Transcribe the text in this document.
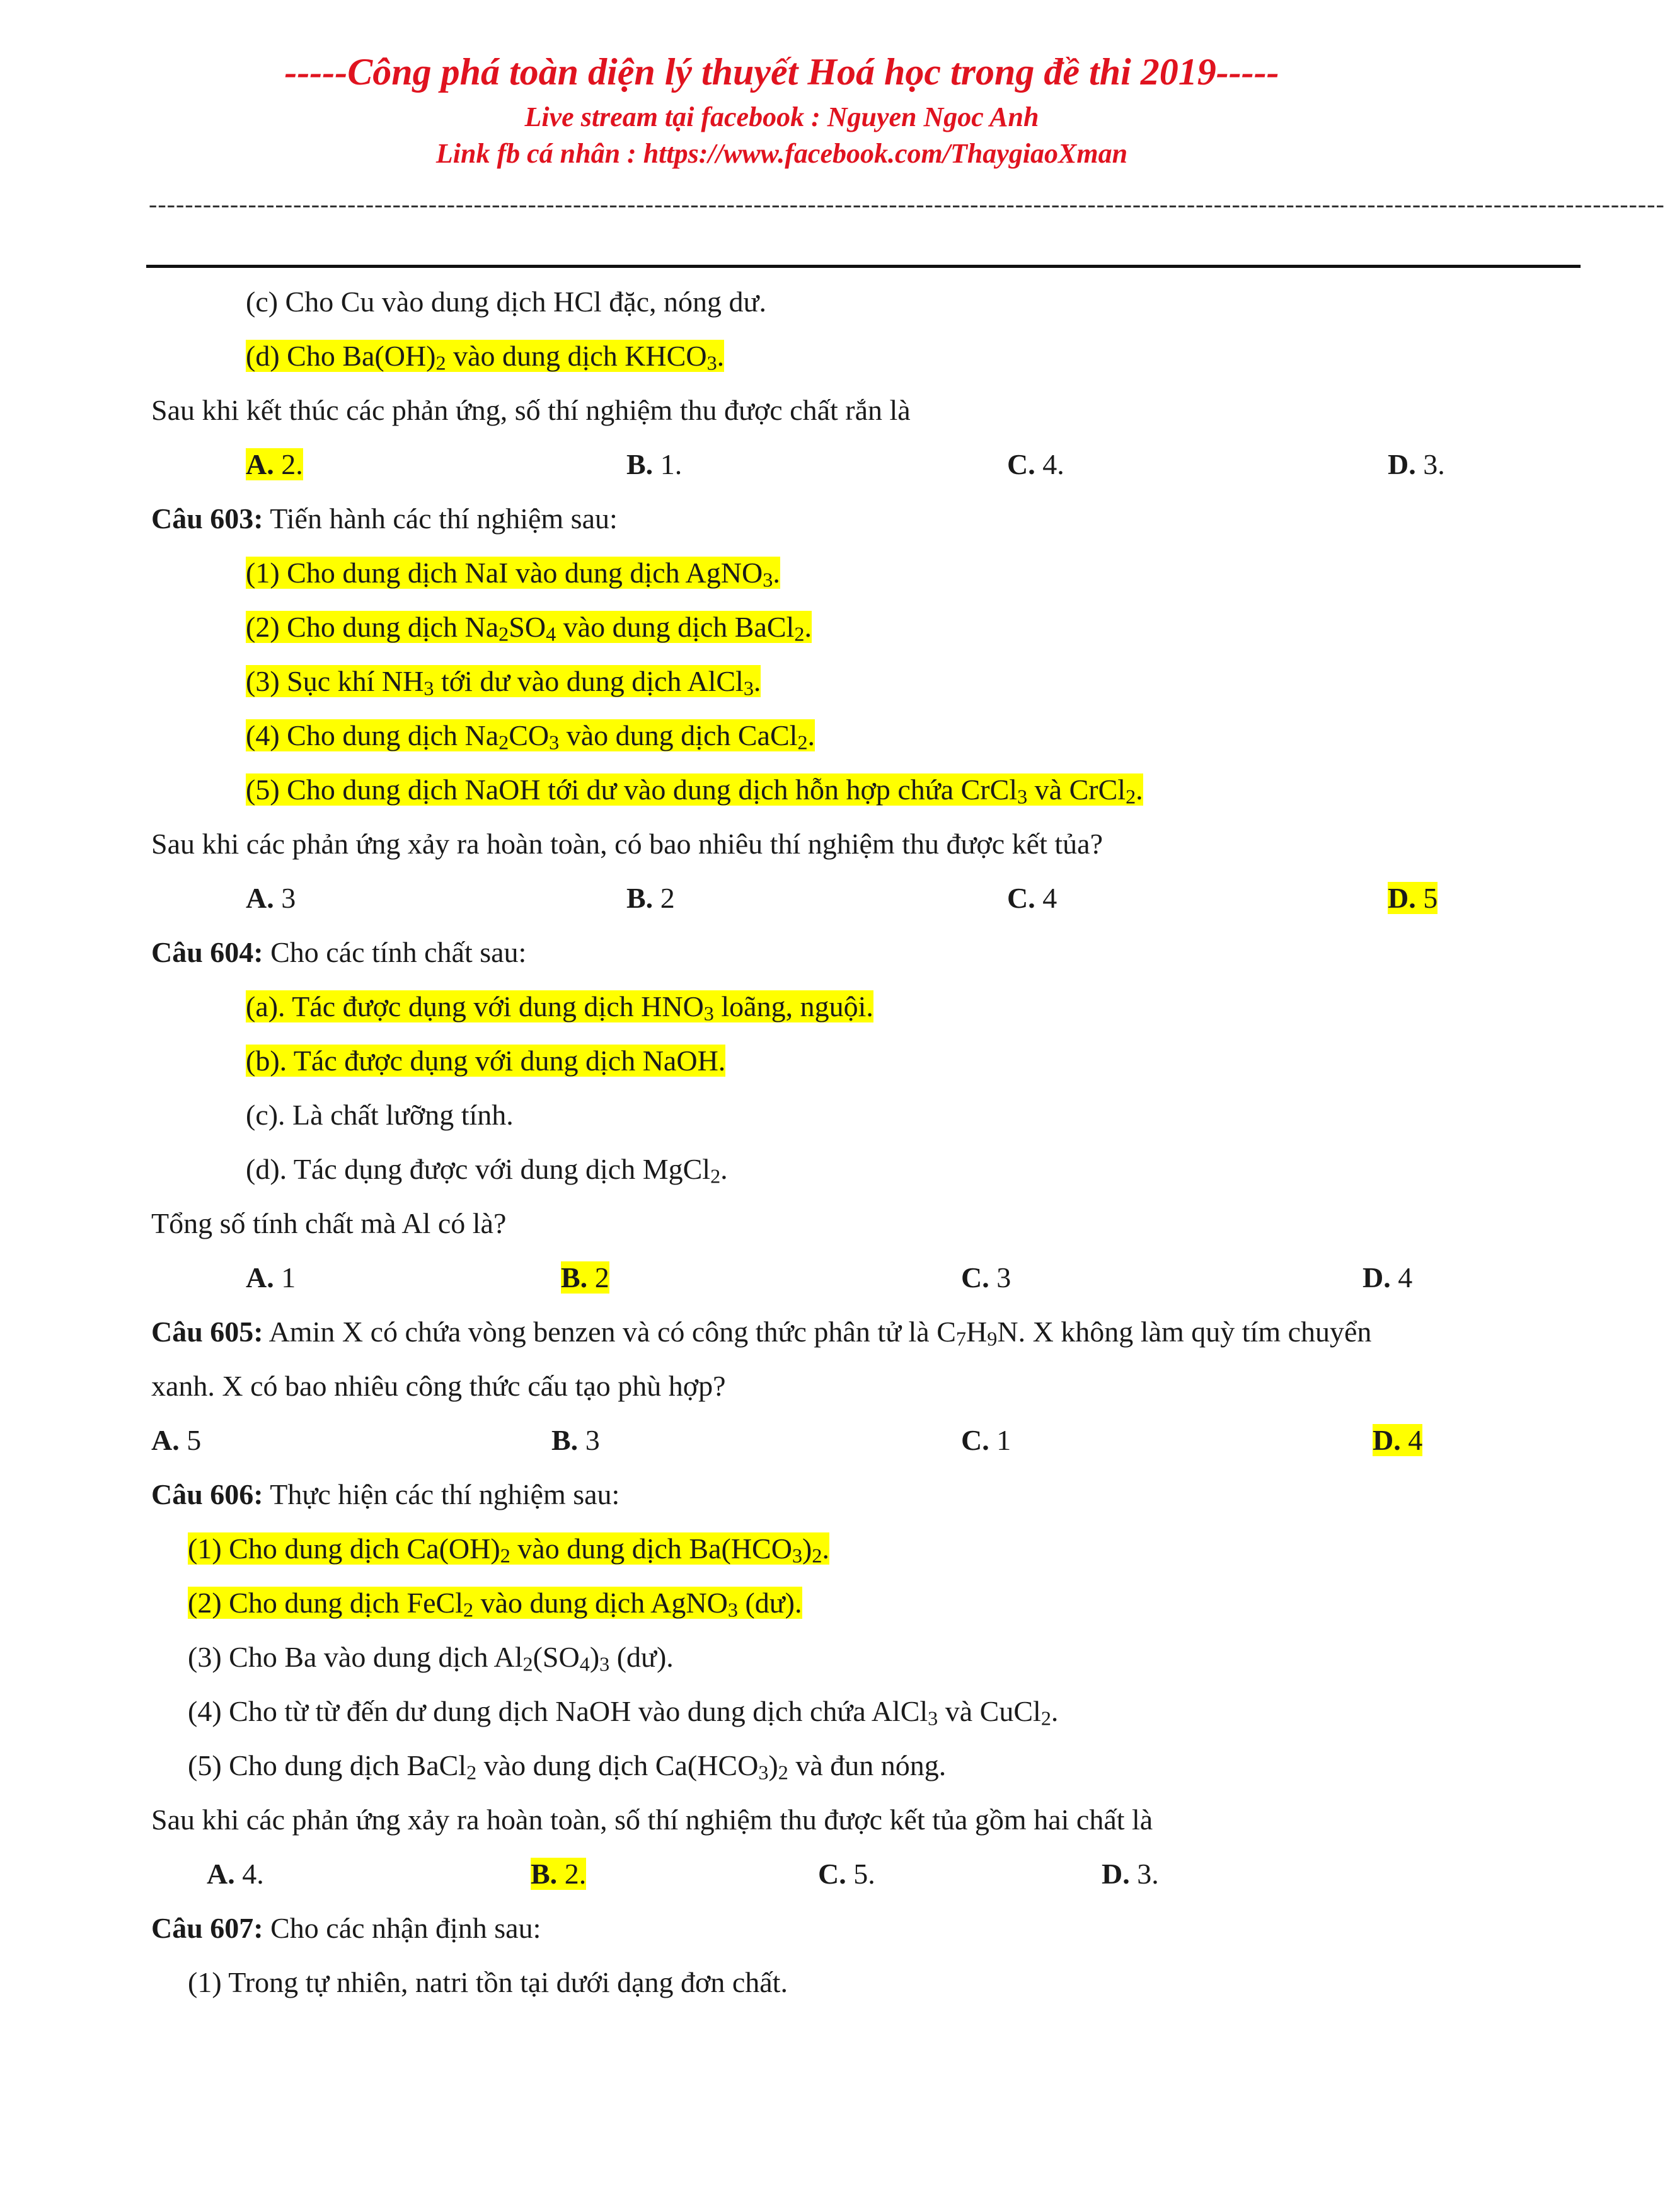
-----Công phá toàn diện lý thuyết Hoá học trong đề thi 2019-----
Live stream tại facebook : Nguyen Ngoc Anh
Link fb cá nhân : https://www.facebook.com/ThaygiaoXman
------------------------------------------------------------------------------------------------------------------------------------------------------------------------
(c) Cho Cu vào dung dịch HCl đặc, nóng dư.
(d) Cho $Ba(OH)_2$ vào dung dịch $KHCO_3$.
Sau khi kết thúc các phản ứng, số thí nghiệm thu được chất rắn là
A. 2.	B. 1.	C. 4.	D. 3.
Câu 603: Tiến hành các thí nghiệm sau:
(1) Cho dung dịch NaI vào dung dịch AgNO$_3$.
(2) Cho dung dịch $Na_2SO_4$ vào dung dịch BaCl$_2$.
(3) Sục khí $NH_3$ tới dư vào dung dịch AlCl$_3$.
(4) Cho dung dịch $Na_2CO_3$ vào dung dịch CaCl$_2$.
(5) Cho dung dịch NaOH tới dư vào dung dịch hỗn hợp chứa CrCl$_3$ và CrCl$_2$.
Sau khi các phản ứng xảy ra hoàn toàn, có bao nhiêu thí nghiệm thu được kết tủa?
A. 3	B. 2	C. 4	D. 5
Câu 604: Cho các tính chất sau:
(a). Tác được dụng với dung dịch $HNO_3$ loãng, nguội.
(b). Tác được dụng với dung dịch NaOH.
(c). Là chất lưỡng tính.
(d). Tác dụng được với dung dịch MgCl$_2$.
Tổng số tính chất mà Al có là?
A. 1	B. 2	C. 3	D. 4
Câu 605: Amin X có chứa vòng benzen và có công thức phân tử là $C_7H_9N$. X không làm quỳ tím chuyển
xanh. X có bao nhiêu công thức cấu tạo phù hợp?
A. 5	B. 3	C. 1	D. 4
Câu 606: Thực hiện các thí nghiệm sau:
(1) Cho dung dịch $Ca(OH)_2$ vào dung dịch $Ba(HCO_3)_2$.
(2) Cho dung dịch FeCl$_2$ vào dung dịch AgNO$_3$ (dư).
(3) Cho Ba vào dung dịch $Al_2(SO_4)_3$ (dư).
(4) Cho từ từ đến dư dung dịch NaOH vào dung dịch chứa AlCl$_3$ và CuCl$_2$.
(5) Cho dung dịch BaCl$_2$ vào dung dịch $Ca(HCO_3)_2$ và đun nóng.
Sau khi các phản ứng xảy ra hoàn toàn, số thí nghiệm thu được kết tủa gồm hai chất là
A. 4.	B. 2.	C. 5.	D. 3.
Câu 607: Cho các nhận định sau:
(1) Trong tự nhiên, natri tồn tại dưới dạng đơn chất.
